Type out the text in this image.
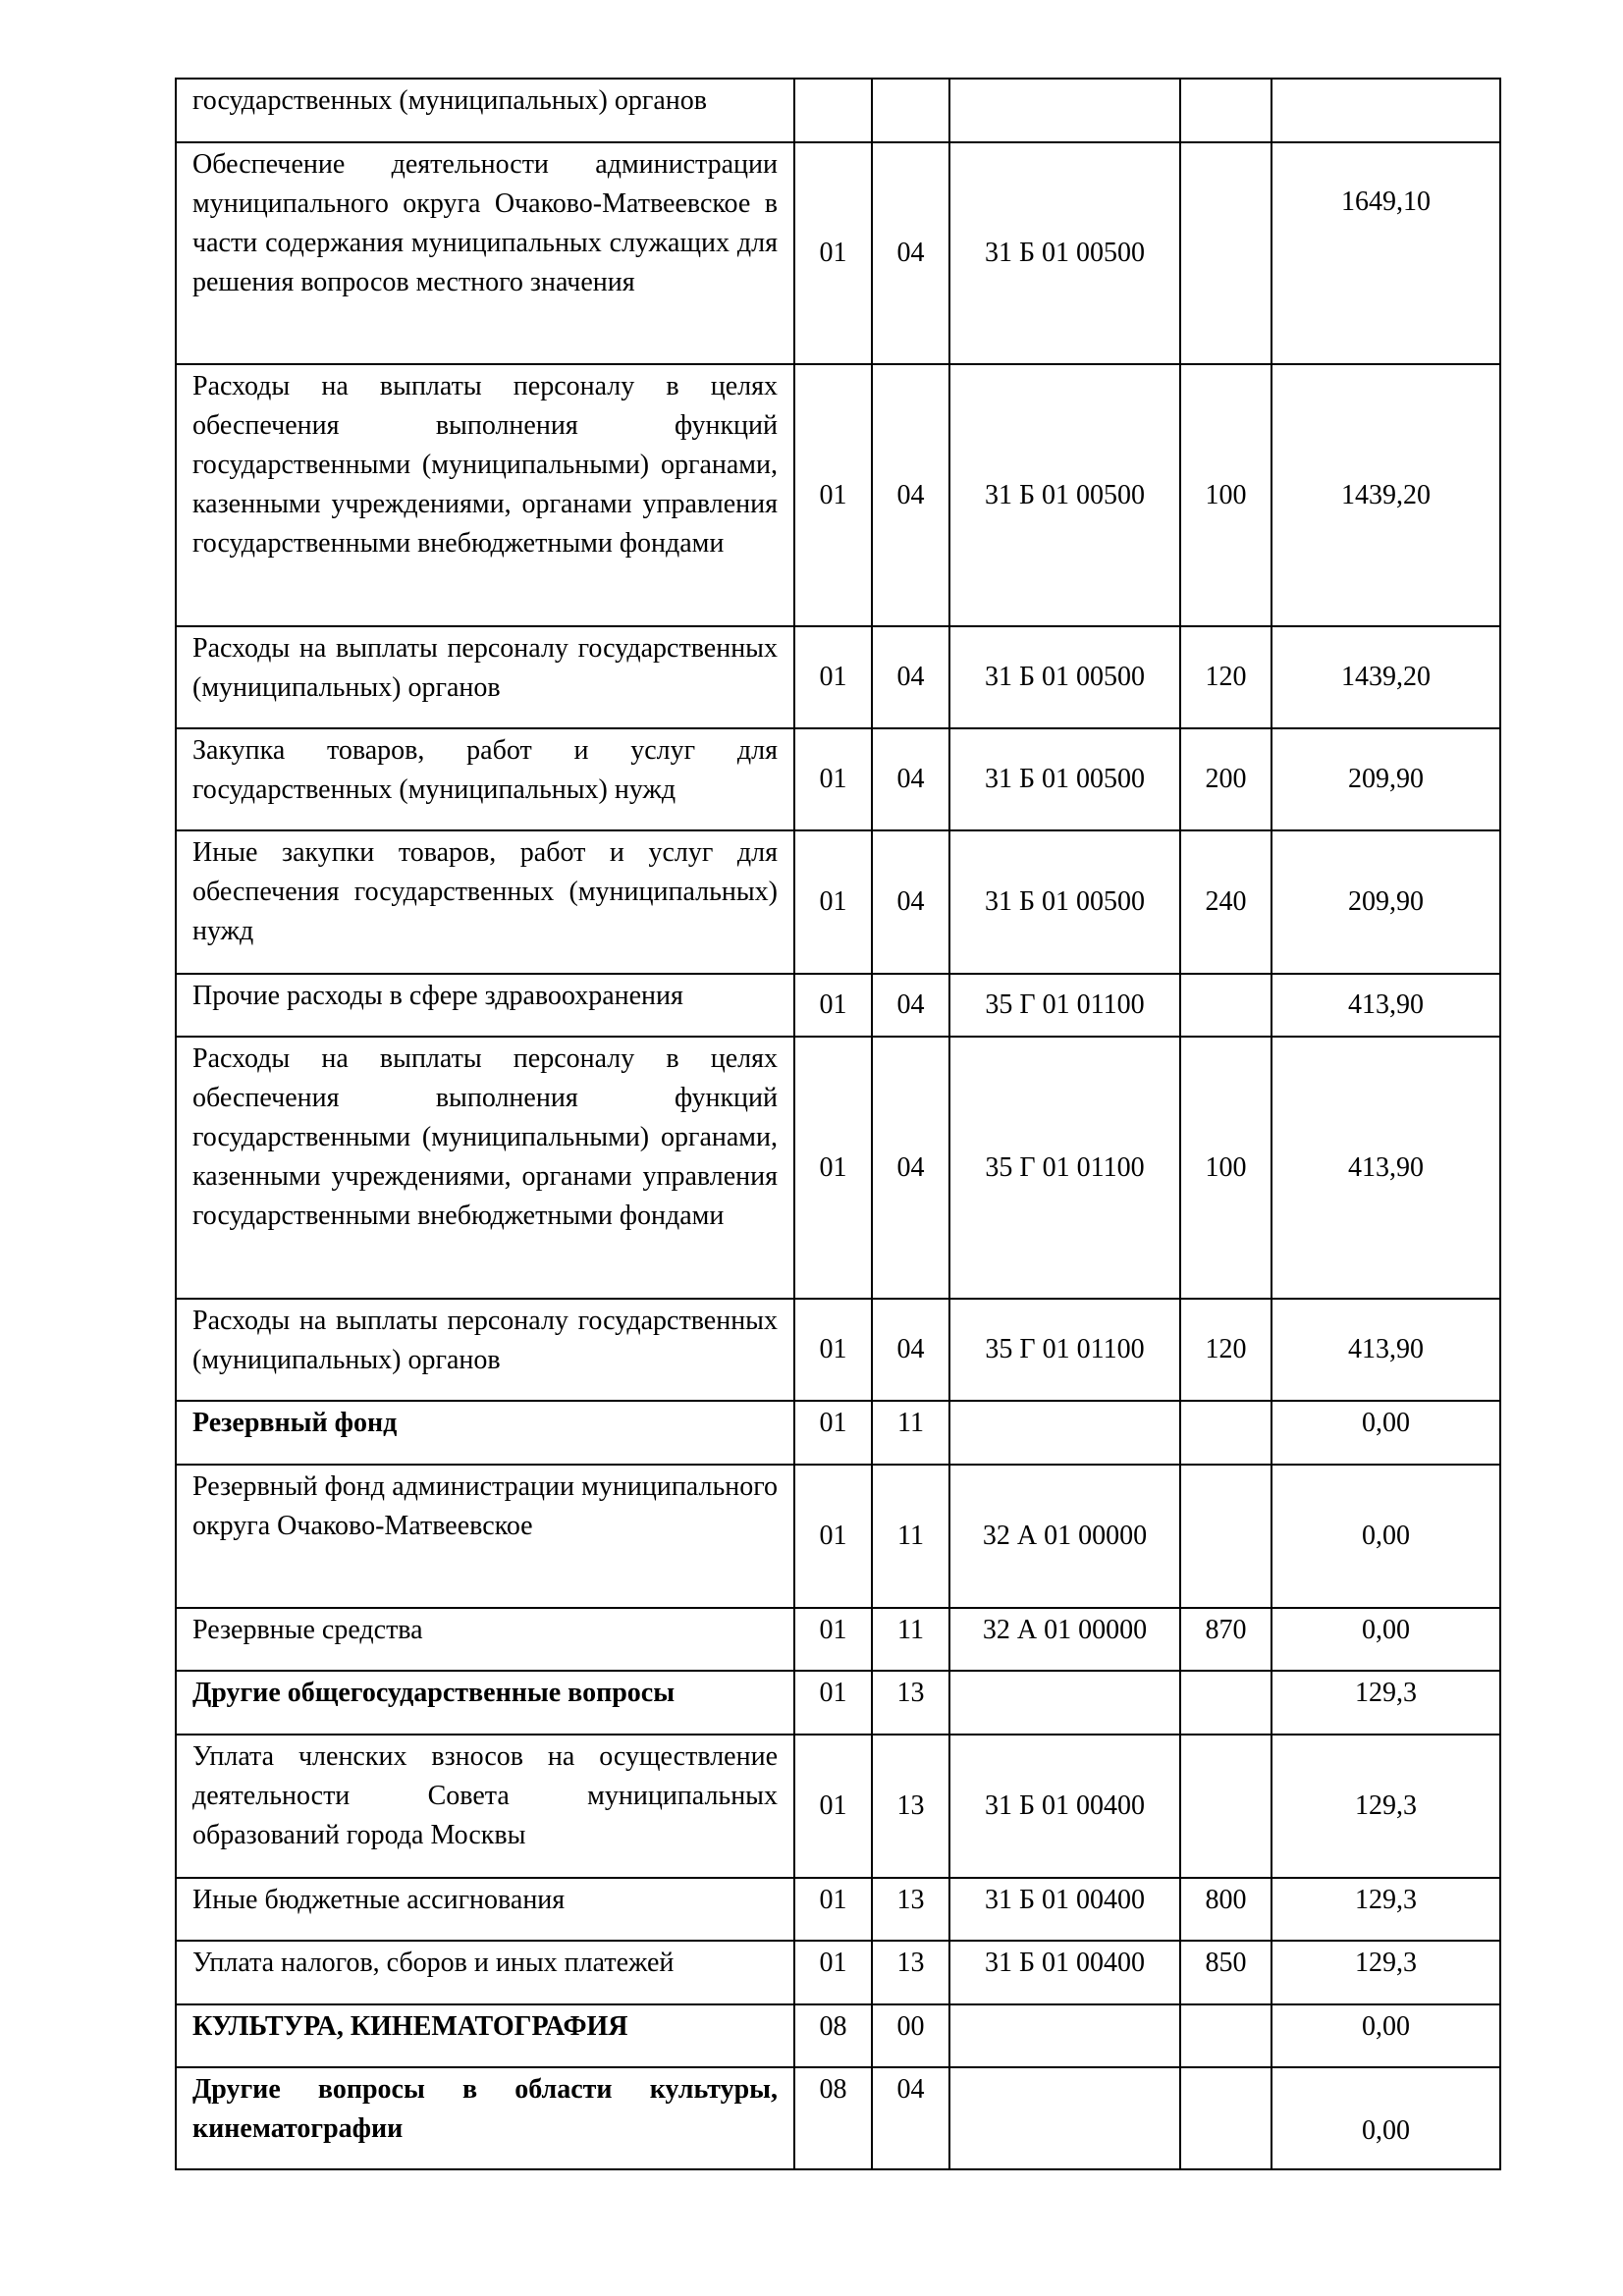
государственных (муниципальных) органов					
Обеспечение деятельности администрации муниципального округа Очаково-Матвеевское в части содержания муниципальных служащих для решения вопросов местного значения	01	04	31 Б 01 00500		1649,10
Расходы на выплаты персоналу в целях обеспечения выполнения функций государственными (муниципальными) органами, казенными учреждениями, органами управления государственными внебюджетными фондами	01	04	31 Б 01 00500	100	1439,20
Расходы на выплаты персоналу государственных (муниципальных) органов	01	04	31 Б 01 00500	120	1439,20
Закупка товаров, работ и услуг для государственных (муниципальных) нужд	01	04	31 Б 01 00500	200	209,90
Иные закупки товаров, работ и услуг для обеспечения государственных (муниципальных) нужд	01	04	31 Б 01 00500	240	209,90
Прочие расходы в сфере здравоохранения	01	04	35 Г 01 01100		413,90
Расходы на выплаты персоналу в целях обеспечения выполнения функций государственными (муниципальными) органами, казенными учреждениями, органами управления государственными внебюджетными фондами	01	04	35 Г 01 01100	100	413,90
Расходы на выплаты персоналу государственных (муниципальных) органов	01	04	35 Г 01 01100	120	413,90
Резервный фонд	01	11			0,00
Резервный фонд администрации муниципального округа Очаково-Матвеевское	01	11	32 А 01 00000		0,00
Резервные средства	01	11	32 А 01 00000	870	0,00
Другие общегосударственные вопросы	01	13			129,3
Уплата членских взносов на осуществление деятельности Совета муниципальных образований города Москвы	01	13	31 Б 01 00400		129,3
Иные бюджетные ассигнования	01	13	31 Б 01 00400	800	129,3
Уплата налогов, сборов и иных платежей	01	13	31 Б 01 00400	850	129,3
КУЛЬТУРА, КИНЕМАТОГРАФИЯ	08	00			0,00
Другие вопросы в области культуры, кинематографии	08	04			0,00
